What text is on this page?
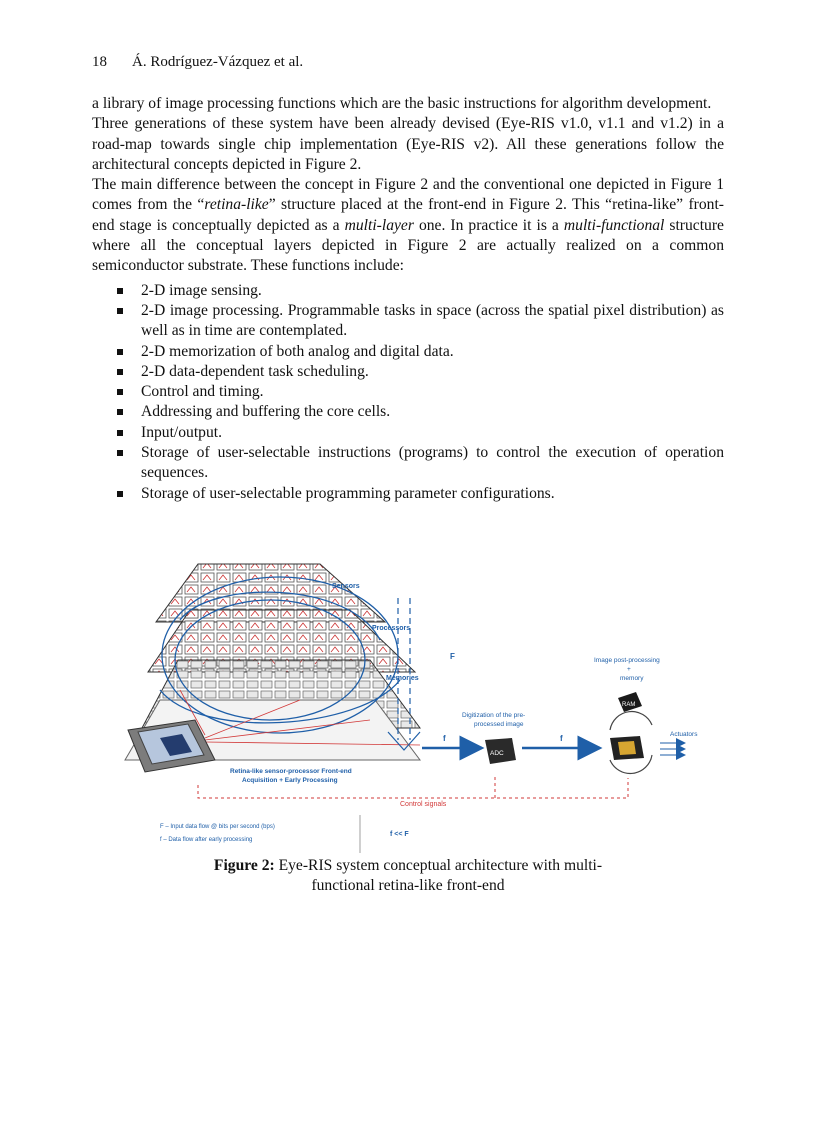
18 Á. Rodríguez-Vázquez et al.

a library of image processing functions which are the basic instructions for algorithm development.

Three generations of these system have been already devised (Eye-RIS v1.0, v1.1 and v1.2) in a road-map towards single chip implementation (Eye-RIS v2). All these generations follow the architectural concepts depicted in Figure 2.

The main difference between the concept in Figure 2 and the conventional one depicted in Figure 1 comes from the “retina-like” structure placed at the front-end in Figure 2. This “retina-like” front-end stage is conceptually depicted as a multi-layer one. In practice it is a multi-functional structure where all the conceptual layers depicted in Figure 2 are actually realized on a common semiconductor substrate. These functions include:

2-D image sensing.
2-D image processing. Programmable tasks in space (across the spatial pixel distribution) as well as in time are contemplated.
2-D memorization of both analog and digital data.
2-D data-dependent task scheduling.
Control and timing.
Addressing and buffering the core cells.
Input/output.
Storage of user-selectable instructions (programs) to control the execution of operation sequences.
Storage of user-selectable programming parameter configurations.
Sensors
Processors
Memories
F
f
Digitization of the pre-
processed image
ADC
f
Image post-processing
+
memory
RAM
Actuators
Retina-like sensor-processor Front-end
Acquisition + Early Processing
Control signals
F – Input data flow @ bits per second (bps)
f – Data flow after early processing
f << F
Figure 2: Eye-RIS system conceptual architecture with multi-
functional retina-like front-end
